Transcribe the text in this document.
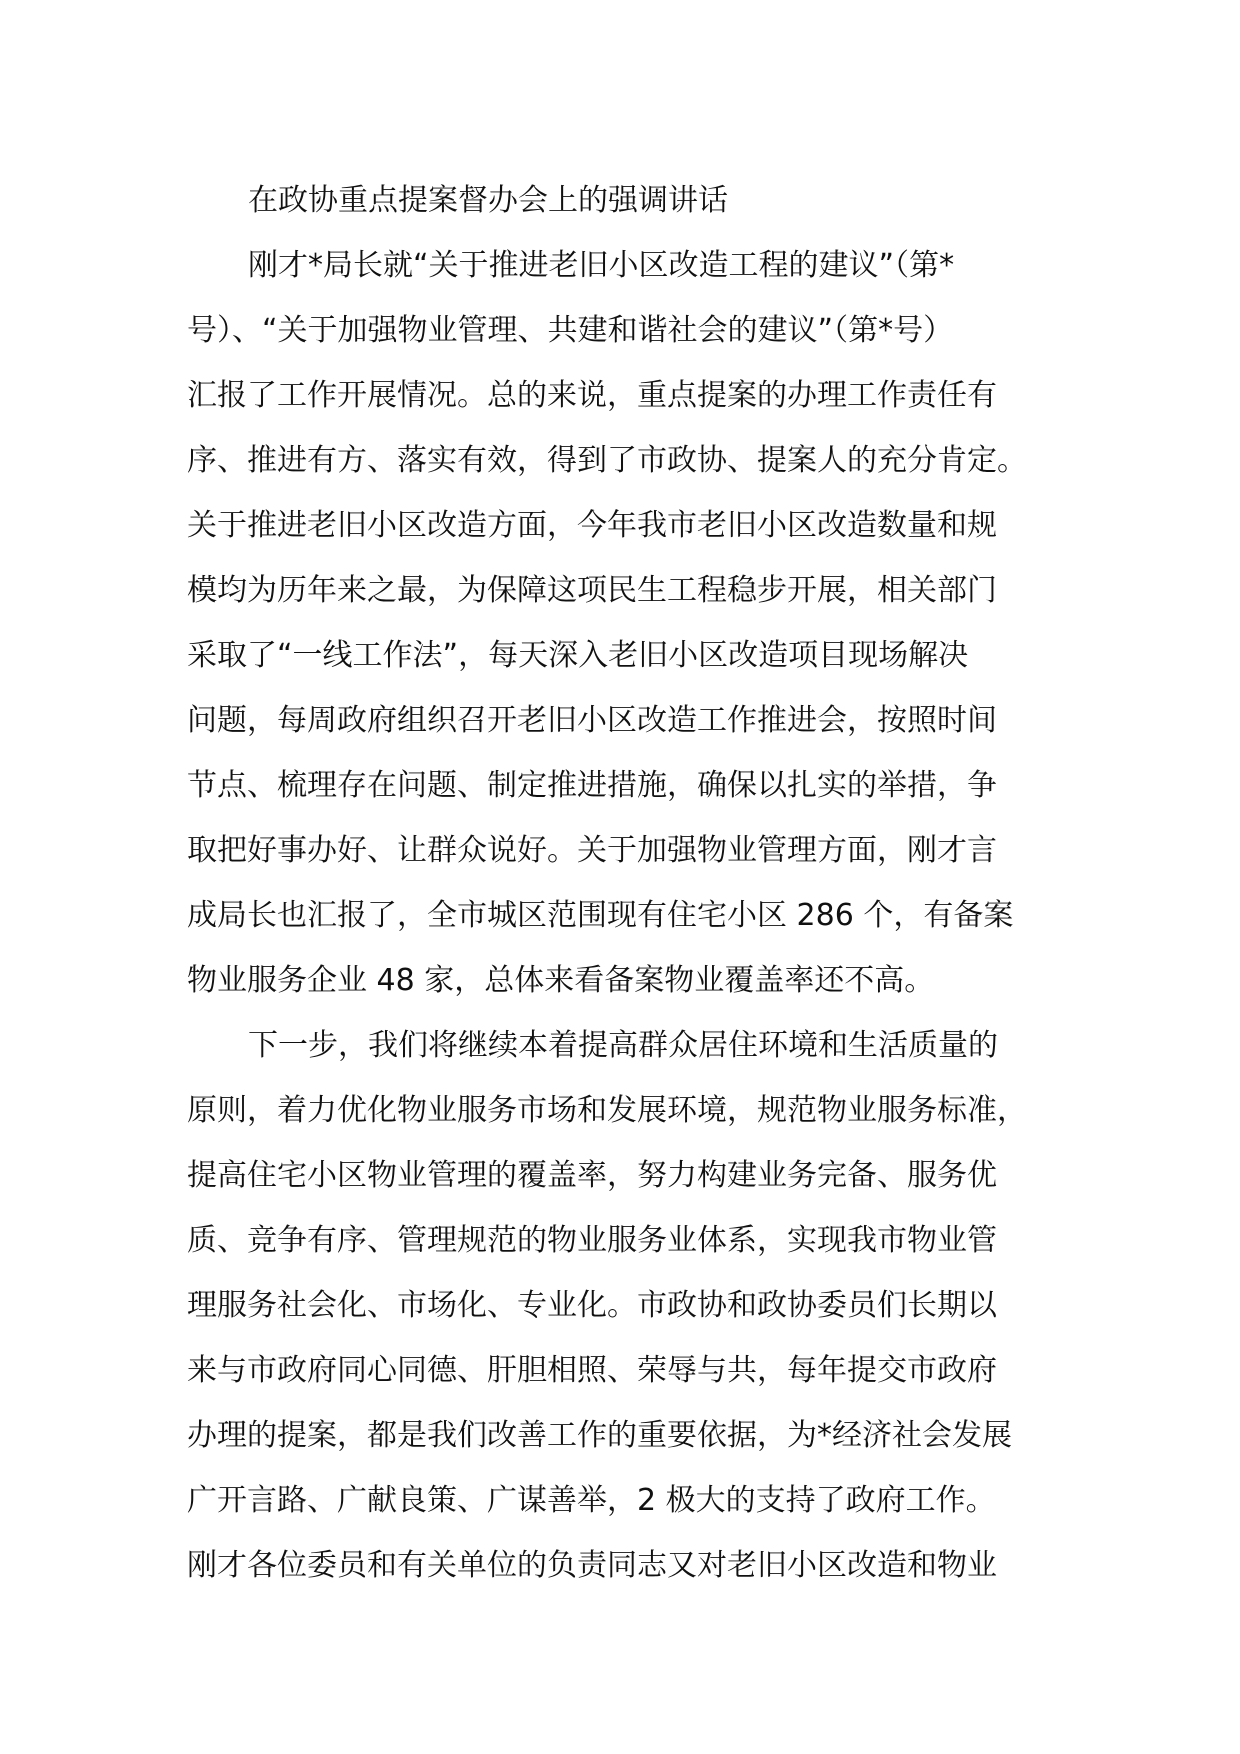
在政协重点提案督办会上的强调讲话
刚才*局长就“关于推进老旧小区改造工程的建议”（第*
号）、“关于加强物业管理、共建和谐社会的建议”（第*号）
汇报了工作开展情况。总的来说，重点提案的办理工作责任有
序、推进有方、落实有效，得到了市政协、提案人的充分肯定。
关于推进老旧小区改造方面，今年我市老旧小区改造数量和规
模均为历年来之最，为保障这项民生工程稳步开展，相关部门
采取了“一线工作法”，每天深入老旧小区改造项目现场解决
问题，每周政府组织召开老旧小区改造工作推进会，按照时间
节点、梳理存在问题、制定推进措施，确保以扎实的举措，争
取把好事办好、让群众说好。关于加强物业管理方面，刚才言
成局长也汇报了，全市城区范围现有住宅小区 286 个，有备案
物业服务企业 48 家，总体来看备案物业覆盖率还不高。
下一步，我们将继续本着提高群众居住环境和生活质量的
原则，着力优化物业服务市场和发展环境，规范物业服务标准，
提高住宅小区物业管理的覆盖率，努力构建业务完备、服务优
质、竞争有序、管理规范的物业服务业体系，实现我市物业管
理服务社会化、市场化、专业化。市政协和政协委员们长期以
来与市政府同心同德、肝胆相照、荣辱与共，每年提交市政府
办理的提案，都是我们改善工作的重要依据，为*经济社会发展
广开言路、广献良策、广谋善举，2 极大的支持了政府工作。
刚才各位委员和有关单位的负责同志又对老旧小区改造和物业
